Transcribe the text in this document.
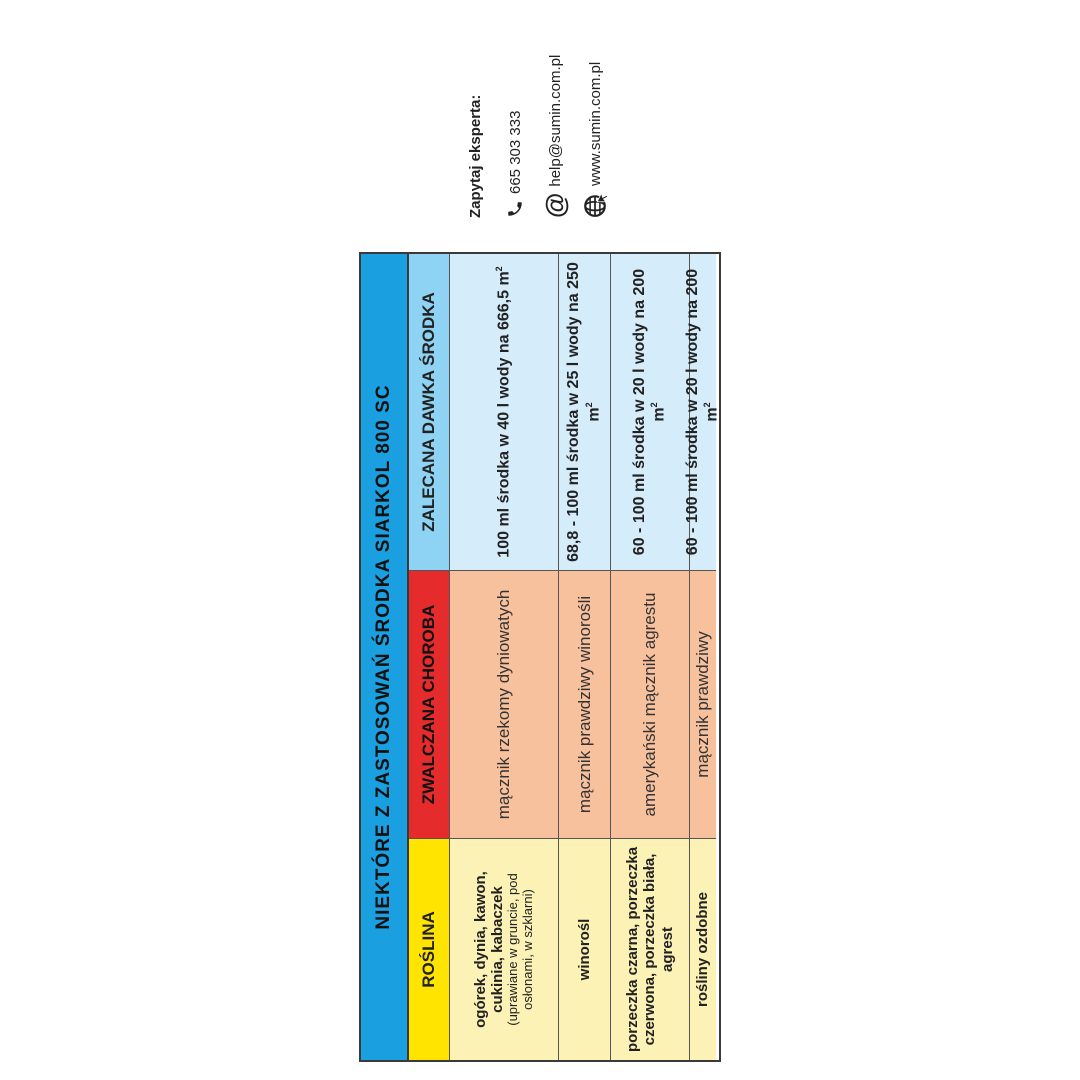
NIEKTÓRE Z ZASTOSOWAŃ ŚRODKA SIARKOL 800 SC
ROŚLINA
ZWALCZANA CHOROBA
ZALECANA DAWKA ŚRODKA
ogórek, dynia, kawon, cukinia, kabaczek (uprawiane w gruncie, pod osłonami, w szklarni)
mącznik rzekomy dyniowatych
100 ml środka w 40 l wody na 666,5 $m^2$
winorośl
mącznik prawdziwy winorośli
68,8 - 100 ml środka w 25 l wody na 250 $m^2$
porzeczka czarna, porzeczka czerwona, porzeczka biała, agrest
amerykański mącznik agrestu
60 - 100 ml środka w 20 l wody na 200 $m^2$
rośliny ozdobne
mącznik prawdziwy
60 - 100 ml środka w 20 l wody na 200 $m^2$
Zapytaj eksperta: 665 303 333
@
help@sumin.com.pl www.sumin.com.pl
